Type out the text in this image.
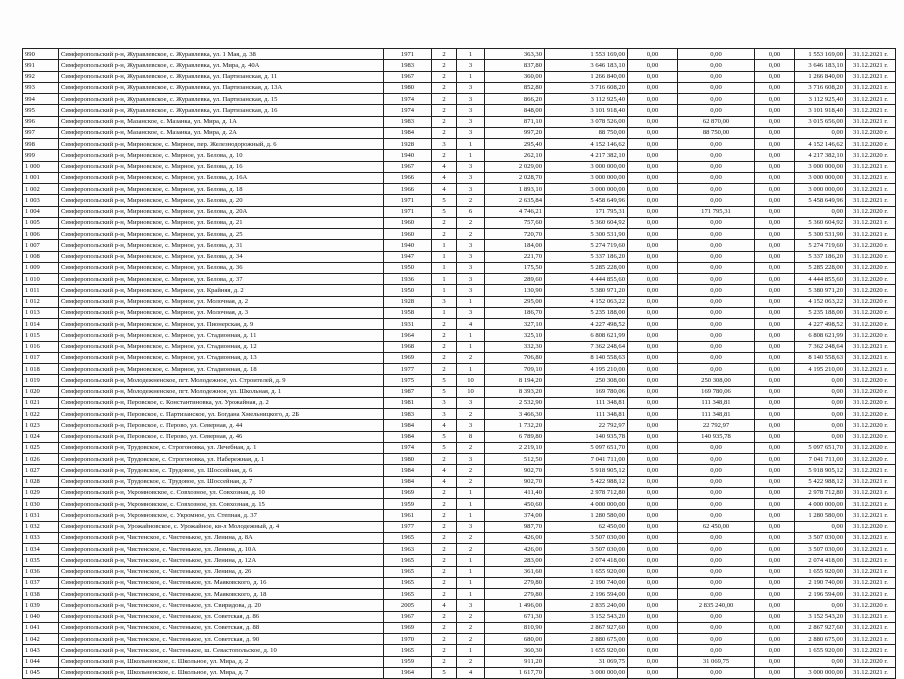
990	Симферопольский р-н, Журавлевское, с. Журавлевка, ул. 1 Мая, д. 38	1971	2	1	363,30	1 553 169,00	0,00	0,00	0,00	1 553 169,00	31.12.2021 г.
991	Симферопольский р-н, Журавлевское, с. Журавлевка, ул. Мира, д. 40А	1983	2	3	837,80	3 646 183,10	0,00	0,00	0,00	3 646 183,10	31.12.2021 г.
992	Симферопольский р-н, Журавлевское, с. Журавлевка, ул. Партизанская, д. 11	1967	2	1	360,00	1 266 840,00	0,00	0,00	0,00	1 266 840,00	31.12.2021 г.
993	Симферопольский р-н, Журавлевское, с. Журавлевка, ул. Партизанская, д. 13А	1980	2	3	852,80	3 716 608,20	0,00	0,00	0,00	3 716 608,20	31.12.2021 г.
994	Симферопольский р-н, Журавлевское, с. Журавлевка, ул. Партизанская, д. 15	1974	2	3	866,20	3 112 925,40	0,00	0,00	0,00	3 112 925,40	31.12.2021 г.
995	Симферопольский р-н, Журавлевское, с. Журавлевка, ул. Партизанская, д. 16	1974	2	3	848,00	3 101 918,40	0,00	0,00	0,00	3 101 918,40	31.12.2021 г.
996	Симферопольский р-н, Мазанское, с. Мазанка, ул. Мира, д. 1А	1983	2	3	871,10	3 078 526,00	0,00	62 870,00	0,00	3 015 656,00	31.12.2021 г.
997	Симферопольский р-н, Мазанское, с. Мазанка, ул. Мира, д. 2А	1984	2	3	997,20	88 750,00	0,00	88 750,00	0,00	0,00	31.12.2020 г.
998	Симферопольский р-н, Мирновское, с. Мирное, пер. Железнодорожный, д. 6	1928	3	1	295,40	4 152 146,62	0,00	0,00	0,00	4 152 146,62	31.12.2020 г.
999	Симферопольский р-н, Мирновское, с. Мирное, ул. Белова, д. 10	1940	2	1	262,10	4 217 382,10	0,00	0,00	0,00	4 217 382,10	31.12.2020 г.
1 000	Симферопольский р-н, Мирновское, с. Мирное, ул. Белова, д. 16	1967	4	3	2 029,00	3 000 000,00	0,00	0,00	0,00	3 000 000,00	31.12.2021 г.
1 001	Симферопольский р-н, Мирновское, с. Мирное, ул. Белова, д. 16А	1966	4	3	2 028,70	3 000 000,00	0,00	0,00	0,00	3 000 000,00	31.12.2021 г.
1 002	Симферопольский р-н, Мирновское, с. Мирное, ул. Белова, д. 18	1966	4	3	1 893,10	3 000 000,00	0,00	0,00	0,00	3 000 000,00	31.12.2021 г.
1 003	Симферопольский р-н, Мирновское, с. Мирное, ул. Белова, д. 20	1971	5	2	2 635,84	5 458 649,96	0,00	0,00	0,00	5 458 649,96	31.12.2021 г.
1 004	Симферопольский р-н, Мирновское, с. Мирное, ул. Белова, д. 20А	1971	5	6	4 746,21	171 795,31	0,00	171 795,31	0,00	0,00	31.12.2020 г.
1 005	Симферопольский р-н, Мирновское, с. Мирное, ул. Белова, д. 21	1960	2	2	757,60	5 360 604,92	0,00	0,00	0,00	5 360 604,92	31.12.2021 г.
1 006	Симферопольский р-н, Мирновское, с. Мирное, ул. Белова, д. 25	1960	2	2	720,70	5 300 531,90	0,00	0,00	0,00	5 300 531,90	31.12.2021 г.
1 007	Симферопольский р-н, Мирновское, с. Мирное, ул. Белова, д. 31	1940	1	3	184,00	5 274 719,60	0,00	0,00	0,00	5 274 719,60	31.12.2020 г.
1 008	Симферопольский р-н, Мирновское, с. Мирное, ул. Белова, д. 34	1947	1	3	221,70	5 337 186,20	0,00	0,00	0,00	5 337 186,20	31.12.2020 г.
1 009	Симферопольский р-н, Мирновское, с. Мирное, ул. Белова, д. 36	1950	1	3	175,50	5 285 228,00	0,00	0,00	0,00	5 285 228,00	31.12.2020 г.
1 010	Симферопольский р-н, Мирновское, с. Мирное, ул. Белова, д. 37	1936	1	3	289,60	4 444 855,60	0,00	0,00	0,00	4 444 855,60	31.12.2020 г.
1 011	Симферопольский р-н, Мирновское, с. Мирное, ул. Крайняя, д. 2	1950	1	3	130,90	5 380 971,20	0,00	0,00	0,00	5 380 971,20	31.12.2020 г.
1 012	Симферопольский р-н, Мирновское, с. Мирное, ул. Молочная, д. 2	1928	3	1	295,00	4 152 063,22	0,00	0,00	0,00	4 152 063,22	31.12.2020 г.
1 013	Симферопольский р-н, Мирновское, с. Мирное, ул. Молочная, д. 3	1958	1	3	186,70	5 235 188,00	0,00	0,00	0,00	5 235 188,00	31.12.2020 г.
1 014	Симферопольский р-н, Мирновское, с. Мирное, ул. Пионерская, д. 9	1931	2	4	327,10	4 227 498,52	0,00	0,00	0,00	4 227 498,52	31.12.2020 г.
1 015	Симферопольский р-н, Мирновское, с. Мирное, ул. Стадионная, д. 11	1964	2	1	325,10	6 808 621,99	0,00	0,00	0,00	6 808 621,99	31.12.2020 г.
1 016	Симферопольский р-н, Мирновское, с. Мирное, ул. Стадионная, д. 12	1968	2	1	332,30	7 362 248,64	0,00	0,00	0,00	7 362 248,64	31.12.2021 г.
1 017	Симферопольский р-н, Мирновское, с. Мирное, ул. Стадионная, д. 13	1969	2	2	706,80	8 140 558,63	0,00	0,00	0,00	8 140 558,63	31.12.2021 г.
1 018	Симферопольский р-н, Мирновское, с. Мирное, ул. Стадионная, д. 18	1977	2	1	709,10	4 195 210,00	0,00	0,00	0,00	4 195 210,00	31.12.2021 г.
1 019	Симферопольский р-н, Молодежненское, пгт. Молодежное, ул. Строителей, д. 9	1975	5	10	8 194,20	250 308,00	0,00	250 308,00	0,00	0,00	31.12.2020 г.
1 020	Симферопольский р-н, Молодежненское, пгт. Молодежное, ул. Школьная, д. 1	1987	5	10	8 393,20	169 780,06	0,00	169 780,06	0,00	0,00	31.12.2020 г.
1 021	Симферопольский р-н, Перовское, с. Константиновка, ул. Урожайная, д. 2	1981	3	3	2 532,90	111 348,81	0,00	111 348,81	0,00	0,00	31.12.2020 г.
1 022	Симферопольский р-н, Перовское, с. Партизанское, ул. Богдана Хмельницкого, д. 2Б	1983	3	2	3 466,30	111 348,81	0,00	111 348,81	0,00	0,00	31.12.2020 г.
1 023	Симферопольский р-н, Перовское, с. Перово, ул. Северная, д. 44	1984	4	3	1 732,20	22 792,97	0,00	22 792,97	0,00	0,00	31.12.2020 г.
1 024	Симферопольский р-н, Перовское, с. Перово, ул. Северная, д. 46	1984	5	8	6 789,80	140 935,78	0,00	140 935,78	0,00	0,00	31.12.2020 г.
1 025	Симферопольский р-н, Трудовское, с. Строгоновка, ул. Лечебная, д. 1	1974	5	2	2 219,10	5 097 651,70	0,00	0,00	0,00	5 097 651,70	31.12.2020 г.
1 026	Симферопольский р-н, Трудовское, с. Строгоновка, ул. Набережная, д. 1	1980	2	3	512,50	7 041 711,00	0,00	0,00	0,00	7 041 711,00	31.12.2020 г.
1 027	Симферопольский р-н, Трудовское, с. Трудовое, ул. Шоссейная, д. 6	1984	4	2	902,70	5 918 905,12	0,00	0,00	0,00	5 918 905,12	31.12.2021 г.
1 028	Симферопольский р-н, Трудовское, с. Трудовое, ул. Шоссейная, д. 7	1984	4	2	902,70	5 422 988,12	0,00	0,00	0,00	5 422 988,12	31.12.2021 г.
1 029	Симферопольский р-н, Укромновское, с. Совхозное, ул. Совхозная, д. 10	1969	2	1	411,40	2 978 712,80	0,00	0,00	0,00	2 978 712,80	31.12.2021 г.
1 030	Симферопольский р-н, Укромновское, с. Совхозное, ул. Совхозная, д. 15	1959	2	1	450,60	4 000 000,00	0,00	0,00	0,00	4 000 000,00	31.12.2021 г.
1 031	Симферопольский р-н, Укромновское, с. Укромное, ул. Степная, д. 37	1961	2	1	374,00	1 280 580,00	0,00	0,00	0,00	1 280 580,00	31.12.2021 г.
1 032	Симферопольский р-н, Урожайновское, с. Урожайное, кв-л Молодежный, д. 4	1977	2	3	987,70	62 450,00	0,00	62 450,00	0,00	0,00	31.12.2020 г.
1 033	Симферопольский р-н, Чистенское, с. Чистенькое, ул. Ленина, д. 8А	1965	2	2	426,00	3 507 030,00	0,00	0,00	0,00	3 507 030,00	31.12.2021 г.
1 034	Симферопольский р-н, Чистенское, с. Чистенькое, ул. Ленина, д. 10А	1963	2	2	426,00	3 507 030,00	0,00	0,00	0,00	3 507 030,00	31.12.2021 г.
1 035	Симферопольский р-н, Чистенское, с. Чистенькое, ул. Ленина, д. 12А	1965	2	1	283,00	2 074 418,00	0,00	0,00	0,00	2 074 418,00	31.12.2021 г.
1 036	Симферопольский р-н, Чистенское, с. Чистенькое, ул. Ленина, д. 26	1965	2	1	361,60	1 655 920,00	0,00	0,00	0,00	1 655 920,00	31.12.2021 г.
1 037	Симферопольский р-н, Чистенское, с. Чистенькое, ул. Маяковского, д. 16	1965	2	1	279,80	2 190 740,00	0,00	0,00	0,00	2 190 740,00	31.12.2021 г.
1 038	Симферопольский р-н, Чистенское, с. Чистенькое, ул. Маяковского, д. 18	1965	2	1	279,80	2 196 594,00	0,00	0,00	0,00	2 196 594,00	31.12.2021 г.
1 039	Симферопольский р-н, Чистенское, с. Чистенькое, ул. Свиридова, д. 20	2005	4	3	1 496,00	2 835 240,00	0,00	2 835 240,00	0,00	0,00	31.12.2020 г.
1 040	Симферопольский р-н, Чистенское, с. Чистенькое, ул. Советская, д. 86	1967	2	2	671,30	3 152 543,20	0,00	0,00	0,00	3 152 543,20	31.12.2021 г.
1 041	Симферопольский р-н, Чистенское, с. Чистенькое, ул. Советская, д. 88	1969	2	2	810,90	2 867 927,60	0,00	0,00	0,00	2 867 927,60	31.12.2021 г.
1 042	Симферопольский р-н, Чистенское, с. Чистенькое, ул. Советская, д. 90	1970	2	2	680,00	2 880 675,00	0,00	0,00	0,00	2 880 675,00	31.12.2021 г.
1 043	Симферопольский р-н, Чистенское, с. Чистенькое, ш. Севастопольское, д. 10	1965	2	1	360,30	1 655 920,00	0,00	0,00	0,00	1 655 920,00	31.12.2021 г.
1 044	Симферопольский р-н, Школьненское, с. Школьное, ул. Мира, д. 2	1959	2	2	911,20	31 069,75	0,00	31 069,75	0,00	0,00	31.12.2020 г.
1 045	Симферопольский р-н, Школьненское, с. Школьное, ул. Мира, д. 7	1964	5	4	1 617,70	3 000 000,00	0,00	0,00	0,00	3 000 000,00	31.12.2021 г.
